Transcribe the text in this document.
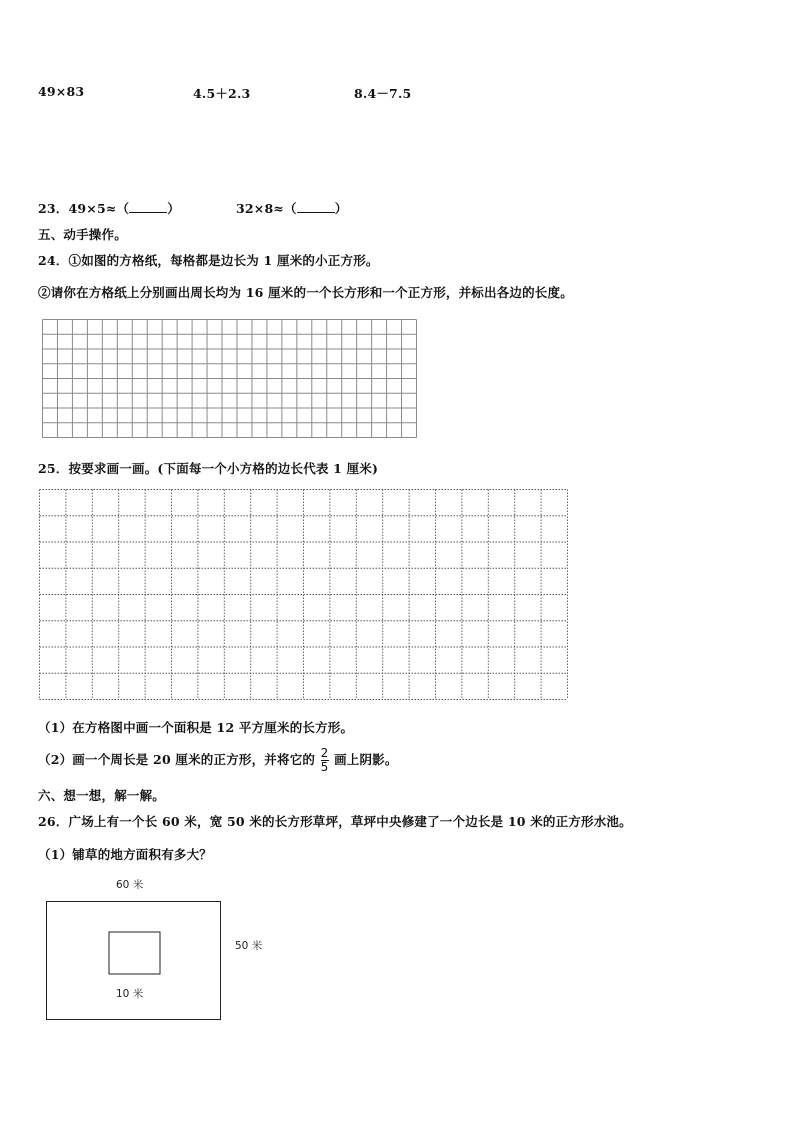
49×83	4.5＋2.3	8.4－7.5
23．49×5≈（	）	32×8≈（	）
五、动手操作。
24．①如图的方格纸，每格都是边长为 1 厘米的小正方形。
②请你在方格纸上分别画出周长均为 16 厘米的一个长方形和一个正方形，并标出各边的长度。
25．按要求画一画。(下面每一个小方格的边长代表 1 厘米)
（1）在方格图中画一个面积是 12 平方厘米的长方形。
（2）画一个周长是 20 厘米的正方形，并将它的 $\frac{2}{5}$ 画上阴影。
六、想一想，解一解。
26．广场上有一个长 60 米，宽 50 米的长方形草坪，草坪中央修建了一个边长是 10 米的正方形水池。
（1）铺草的地方面积有多大？
60 米
50 米
10 米
